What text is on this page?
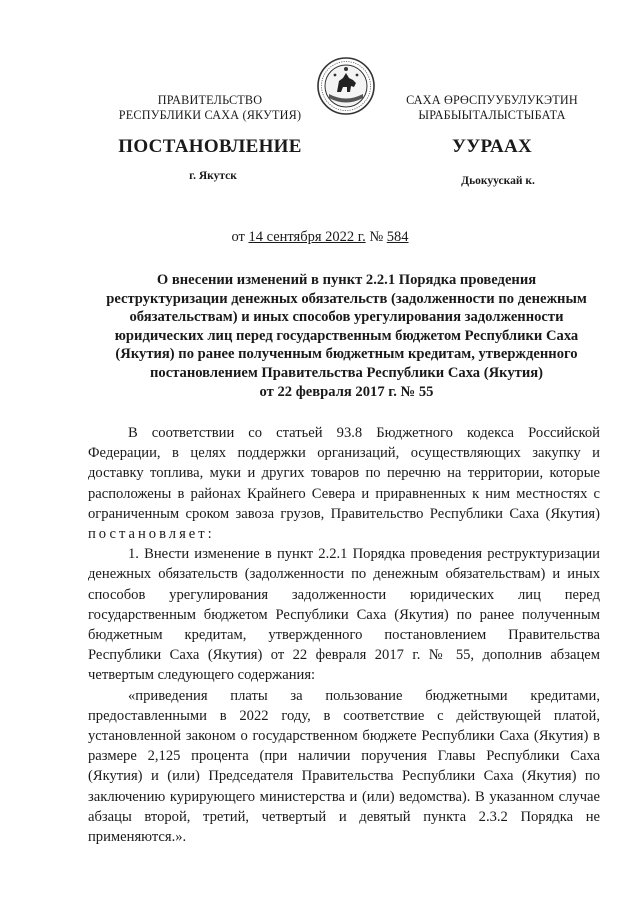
ПРАВИТЕЛЬСТВО
РЕСПУБЛИКИ САХА (ЯКУТИЯ)
САХА ӨРӨСПУУБУЛУКЭТИН
ЫРАБЫЫТАЛЫСТЫБАТА
ПОСТАНОВЛЕНИЕ	УУРААХ
г. Якутск	Дьокуускай к.
от 14 сентября 2022 г. № 584
О внесении изменений в пункт 2.2.1 Порядка проведения
реструктуризации денежных обязательств (задолженности по денежным
обязательствам) и иных способов урегулирования задолженности
юридических лиц перед государственным бюджетом Республики Саха
(Якутия) по ранее полученным бюджетным кредитам, утвержденного
постановлением Правительства Республики Саха (Якутия)
от 22 февраля 2017 г. № 55

В соответствии со статьей 93.8 Бюджетного кодекса Российской Федерации, в целях поддержки организаций, осуществляющих закупку и доставку топлива, муки и других товаров по перечню на территории, которые расположены в районах Крайнего Севера и приравненных к ним местностях с ограниченным сроком завоза грузов, Правительство Республики Саха (Якутия) постановляет:

1. Внести изменение в пункт 2.2.1 Порядка проведения реструктуризации денежных обязательств (задолженности по денежным обязательствам) и иных способов урегулирования задолженности юридических лиц перед государственным бюджетом Республики Саха (Якутия) по ранее полученным бюджетным кредитам, утвержденного постановлением Правительства Республики Саха (Якутия) от 22 февраля 2017 г. № 55, дополнив абзацем четвертым следующего содержания:

«приведения платы за пользование бюджетными кредитами, предоставленными в 2022 году, в соответствие с действующей платой, установленной законом о государственном бюджете Республики Саха (Якутия) в размере 2,125 процента (при наличии поручения Главы Республики Саха (Якутия) и (или) Председателя Правительства Республики Саха (Якутия) по заключению курирующего министерства и (или) ведомства). В указанном случае абзацы второй, третий, четвертый и девятый пункта 2.3.2 Порядка не применяются.».
